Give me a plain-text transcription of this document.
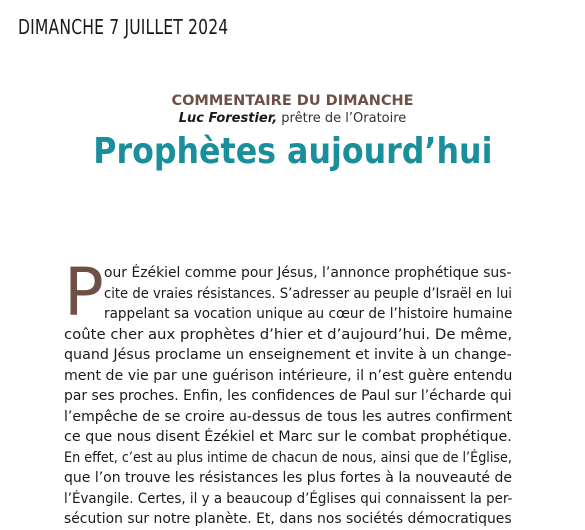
DIMANCHE 7 JUILLET 2024
COMMENTAIRE DU DIMANCHE
Luc Forestier, prêtre de l’Oratoire
Prophètes aujourd’hui
P our Ézékiel comme pour Jésus, l’annonce prophétique sus-
cite de vraies résistances. S’adresser au peuple d’Israël en lui
rappelant sa vocation unique au cœur de l’histoire humaine
coûte cher aux prophètes d’hier et d’aujourd’hui. De même,
quand Jésus proclame un enseignement et invite à un change-
ment de vie par une guérison intérieure, il n’est guère entendu
par ses proches. Enfin, les confidences de Paul sur l’écharde qui
l’empêche de se croire au-dessus de tous les autres confirment
ce que nous disent Ézékiel et Marc sur le combat prophétique.
En effet, c’est au plus intime de chacun de nous, ainsi que de l’Église,
que l’on trouve les résistances les plus fortes à la nouveauté de
l’Évangile. Certes, il y a beaucoup d’Églises qui connaissent la per-
sécution sur notre planète. Et, dans nos sociétés démocratiques
